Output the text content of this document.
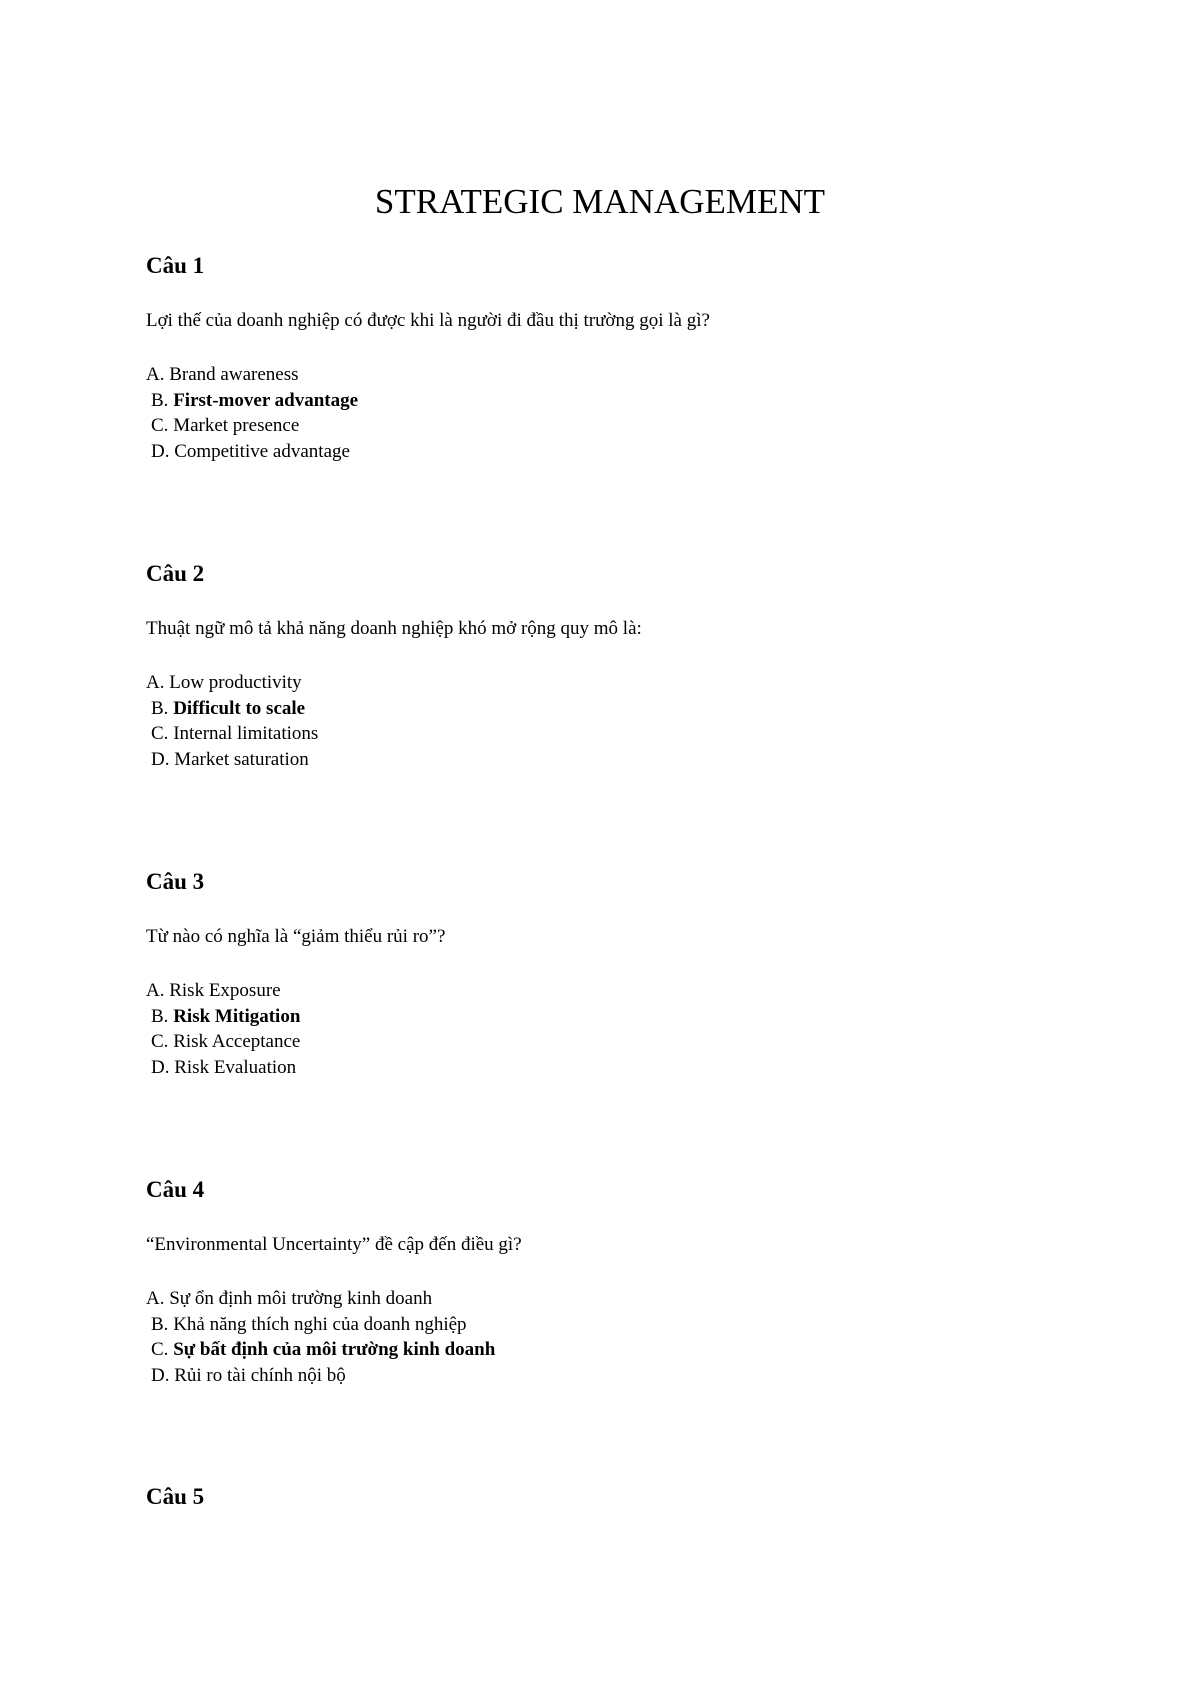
STRATEGIC MANAGEMENT
Câu 1

Lợi thế của doanh nghiệp có được khi là người đi đầu thị trường gọi là gì?

A. Brand awareness
B. First-mover advantage
C. Market presence
D. Competitive advantage
Câu 2

Thuật ngữ mô tả khả năng doanh nghiệp khó mở rộng quy mô là:

A. Low productivity
B. Difficult to scale
C. Internal limitations
D. Market saturation
Câu 3

Từ nào có nghĩa là “giảm thiểu rủi ro”?

A. Risk Exposure
B. Risk Mitigation
C. Risk Acceptance
D. Risk Evaluation
Câu 4

“Environmental Uncertainty” đề cập đến điều gì?

A. Sự ổn định môi trường kinh doanh
B. Khả năng thích nghi của doanh nghiệp
C. Sự bất định của môi trường kinh doanh
D. Rủi ro tài chính nội bộ
Câu 5
